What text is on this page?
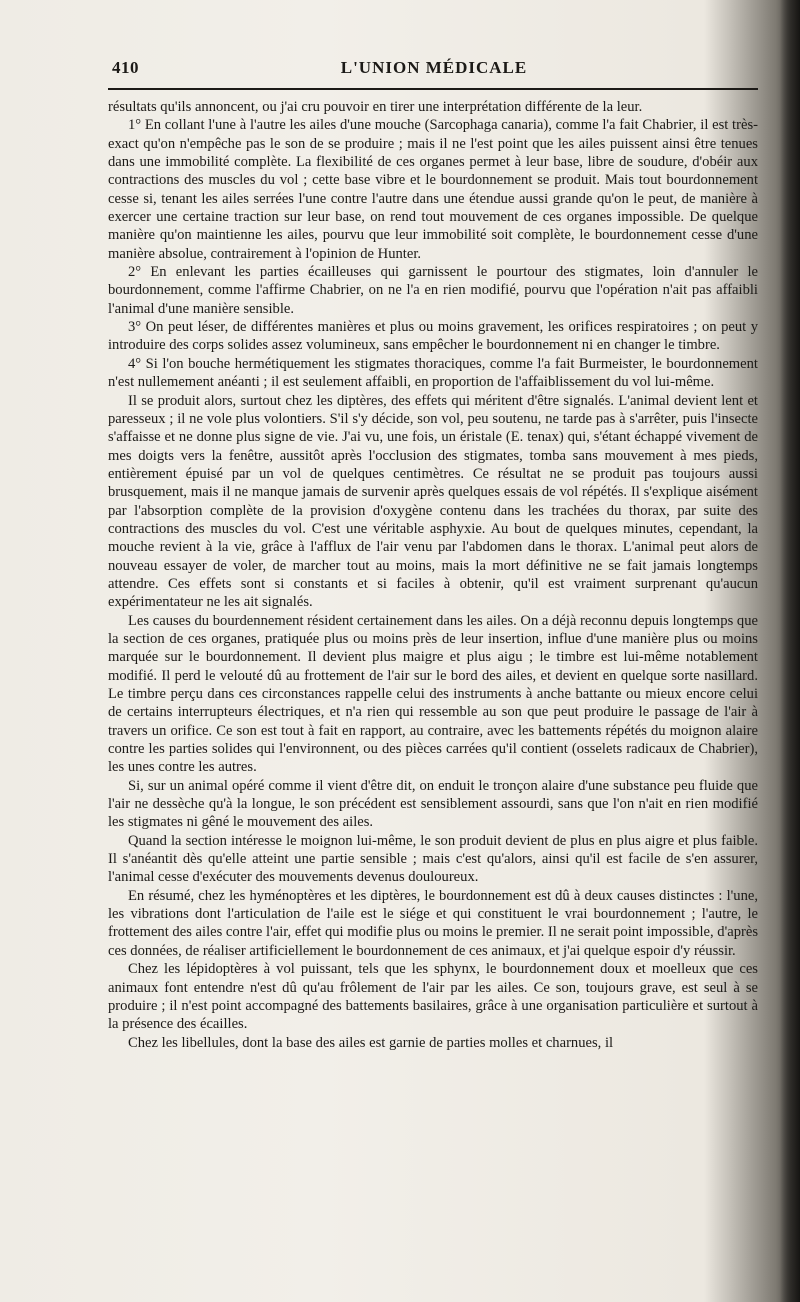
410	L'UNION MÉDICALE

résultats qu'ils annoncent, ou j'ai cru pouvoir en tirer une interprétation différente de la leur.

1° En collant l'une à l'autre les ailes d'une mouche (Sarcophaga canaria), comme l'a fait Chabrier, il est très-exact qu'on n'empêche pas le son de se produire ; mais il ne l'est point que les ailes puissent ainsi être tenues dans une immobilité complète. La flexibilité de ces organes permet à leur base, libre de soudure, d'obéir aux contractions des muscles du vol ; cette base vibre et le bourdonnement se produit. Mais tout bourdonnement cesse si, tenant les ailes serrées l'une contre l'autre dans une étendue aussi grande qu'on le peut, de manière à exercer une certaine traction sur leur base, on rend tout mouvement de ces organes impossible. De quelque manière qu'on maintienne les ailes, pourvu que leur immobilité soit complète, le bourdonnement cesse d'une manière absolue, contrairement à l'opinion de Hunter.

2° En enlevant les parties écailleuses qui garnissent le pourtour des stigmates, loin d'annuler le bourdonnement, comme l'affirme Chabrier, on ne l'a en rien modifié, pourvu que l'opération n'ait pas affaibli l'animal d'une manière sensible.

3° On peut léser, de différentes manières et plus ou moins gravement, les orifices respiratoires ; on peut y introduire des corps solides assez volumineux, sans empêcher le bourdonnement ni en changer le timbre.

4° Si l'on bouche hermétiquement les stigmates thoraciques, comme l'a fait Burmeister, le bourdonnement n'est nullemement anéanti ; il est seulement affaibli, en proportion de l'affaiblissement du vol lui-même.

Il se produit alors, surtout chez les diptères, des effets qui méritent d'être signalés. L'animal devient lent et paresseux ; il ne vole plus volontiers. S'il s'y décide, son vol, peu soutenu, ne tarde pas à s'arrêter, puis l'insecte s'affaisse et ne donne plus signe de vie. J'ai vu, une fois, un éristale (E. tenax) qui, s'étant échappé vivement de mes doigts vers la fenêtre, aussitôt après l'occlusion des stigmates, tomba sans mouvement à mes pieds, entièrement épuisé par un vol de quelques centimètres. Ce résultat ne se produit pas toujours aussi brusquement, mais il ne manque jamais de survenir après quelques essais de vol répétés. Il s'explique aisément par l'absorption complète de la provision d'oxygène contenu dans les trachées du thorax, par suite des contractions des muscles du vol. C'est une véritable asphyxie. Au bout de quelques minutes, cependant, la mouche revient à la vie, grâce à l'afflux de l'air venu par l'abdomen dans le thorax. L'animal peut alors de nouveau essayer de voler, de marcher tout au moins, mais la mort définitive ne se fait jamais longtemps attendre. Ces effets sont si constants et si faciles à obtenir, qu'il est vraiment surprenant qu'aucun expérimentateur ne les ait signalés.

Les causes du bourdennement résident certainement dans les ailes. On a déjà reconnu depuis longtemps que la section de ces organes, pratiquée plus ou moins près de leur insertion, influe d'une manière plus ou moins marquée sur le bourdonnement. Il devient plus maigre et plus aigu ; le timbre est lui-même notablement modifié. Il perd le velouté dû au frottement de l'air sur le bord des ailes, et devient en quelque sorte nasillard. Le timbre perçu dans ces circonstances rappelle celui des instruments à anche battante ou mieux encore celui de certains interrupteurs électriques, et n'a rien qui ressemble au son que peut produire le passage de l'air à travers un orifice. Ce son est tout à fait en rapport, au contraire, avec les battements répétés du moignon alaire contre les parties solides qui l'environnent, ou des pièces carrées qu'il contient (osselets radicaux de Chabrier), les unes contre les autres.

Si, sur un animal opéré comme il vient d'être dit, on enduit le tronçon alaire d'une substance peu fluide que l'air ne dessèche qu'à la longue, le son précédent est sensiblement assourdi, sans que l'on n'ait en rien modifié les stigmates ni gêné le mouvement des ailes.

Quand la section intéresse le moignon lui-même, le son produit devient de plus en plus aigre et plus faible. Il s'anéantit dès qu'elle atteint une partie sensible ; mais c'est qu'alors, ainsi qu'il est facile de s'en assurer, l'animal cesse d'exécuter des mouvements devenus douloureux.

En résumé, chez les hyménoptères et les diptères, le bourdonnement est dû à deux causes distinctes : l'une, les vibrations dont l'articulation de l'aile est le siége et qui constituent le vrai bourdonnement ; l'autre, le frottement des ailes contre l'air, effet qui modifie plus ou moins le premier. Il ne serait point impossible, d'après ces données, de réaliser artificiellement le bourdonnement de ces animaux, et j'ai quelque espoir d'y réussir.

Chez les lépidoptères à vol puissant, tels que les sphynx, le bourdonnement doux et moelleux que ces animaux font entendre n'est dû qu'au frôlement de l'air par les ailes. Ce son, toujours grave, est seul à se produire ; il n'est point accompagné des battements basilaires, grâce à une organisation particulière et surtout à la présence des écailles.

Chez les libellules, dont la base des ailes est garnie de parties molles et charnues, il
